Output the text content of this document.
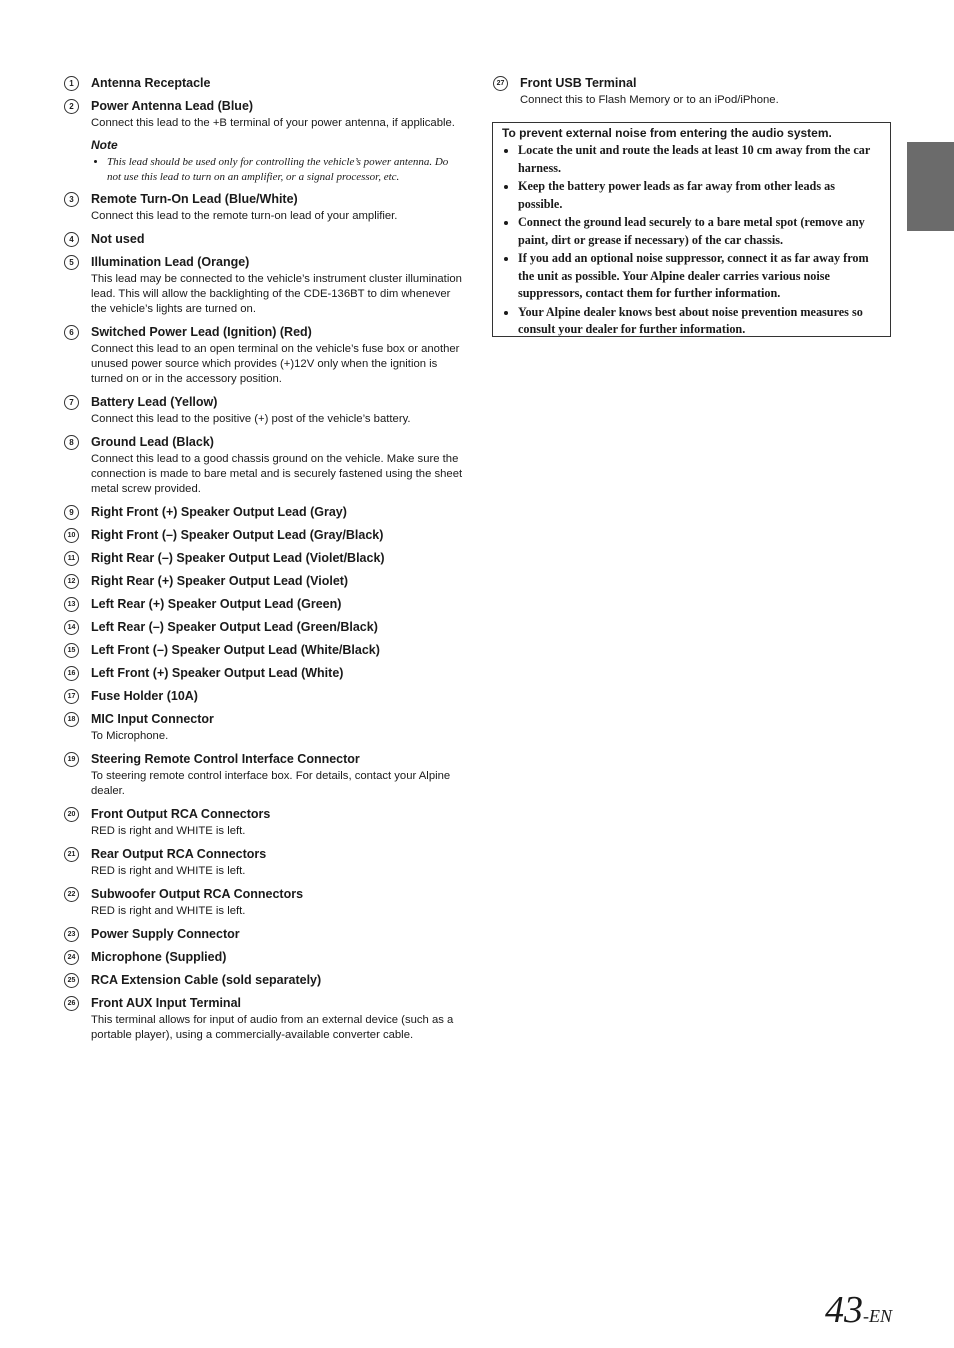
1	Antenna Receptacle
2	Power Antenna Lead (Blue)
Connect this lead to the +B terminal of your power antenna, if applicable.
Note
• This lead should be used only for controlling the vehicle’s power antenna. Do not use this lead to turn on an amplifier, or a signal processor, etc.
3	Remote Turn-On Lead (Blue/White)
Connect this lead to the remote turn-on lead of your amplifier.
4	Not used
5	Illumination Lead (Orange)
This lead may be connected to the vehicle’s instrument cluster illumination lead. This will allow the backlighting of the CDE-136BT to dim whenever the vehicle’s lights are turned on.
6	Switched Power Lead (Ignition) (Red)
Connect this lead to an open terminal on the vehicle’s fuse box or another unused power source which provides (+)12V only when the ignition is turned on or in the accessory position.
7	Battery Lead (Yellow)
Connect this lead to the positive (+) post of the vehicle’s battery.
8	Ground Lead (Black)
Connect this lead to a good chassis ground on the vehicle. Make sure the connection is made to bare metal and is securely fastened using the sheet metal screw provided.
9	Right Front (+) Speaker Output Lead (Gray)
10 Right Front (–) Speaker Output Lead (Gray/Black)
11	Right Rear (–) Speaker Output Lead (Violet/Black)
12 Right Rear (+) Speaker Output Lead (Violet)
13 Left Rear (+) Speaker Output Lead (Green)
14 Left Rear (–) Speaker Output Lead (Green/Black)
15 Left Front (–) Speaker Output Lead (White/Black)
16 Left Front (+) Speaker Output Lead (White)
17 Fuse Holder (10A)
18 MIC Input Connector
To Microphone.
19 Steering Remote Control Interface Connector
To steering remote control interface box. For details, contact your Alpine dealer.
20 Front Output RCA Connectors
RED is right and WHITE is left.
21 Rear Output RCA Connectors
RED is right and WHITE is left.
22 Subwoofer Output RCA Connectors
RED is right and WHITE is left.
23 Power Supply Connector
24 Microphone (Supplied)
25 RCA Extension Cable (sold separately)
26 Front AUX Input Terminal
This terminal allows for input of audio from an external device (such as a portable player), using a commercially-available converter cable.
27 Front USB Terminal
Connect this to Flash Memory or to an iPod/iPhone.
To prevent external noise from entering the audio system.
• Locate the unit and route the leads at least 10 cm away from the car harness.
• Keep the battery power leads as far away from other leads as possible.
• Connect the ground lead securely to a bare metal spot (remove any paint, dirt or grease if necessary) of the car chassis.
• If you add an optional noise suppressor, connect it as far away from the unit as possible. Your Alpine dealer carries various noise suppressors, contact them for further information.
• Your Alpine dealer knows best about noise prevention measures so consult your dealer for further information.
43-EN
